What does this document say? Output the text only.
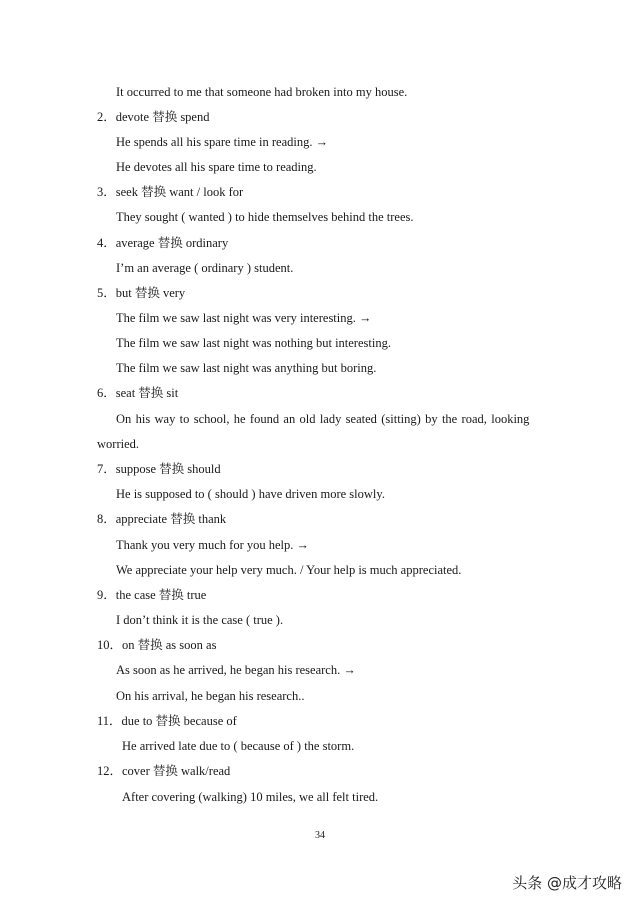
It occurred to me that someone had broken into my house.
2．devote 替换 spend
He spends all his spare time in reading. →
He devotes all his spare time to reading.
3．seek 替换 want / look for
They sought ( wanted ) to hide themselves behind the trees.
4．average 替换 ordinary
I’m an average ( ordinary ) student.
5．but 替换 very
The film we saw last night was very interesting. →
The film we saw last night was nothing but interesting.
The film we saw last night was anything but boring.
6．seat 替换 sit
On his way to school, he found an old lady seated (sitting) by the road, looking
worried.
7．suppose 替换 should
He is supposed to ( should ) have driven more slowly.
8．appreciate 替换 thank
Thank you very much for you help. →
We appreciate your help very much. / Your help is much appreciated.
9．the case 替换 true
I don’t think it is the case ( true ).
10．on 替换 as soon as
As soon as he arrived, he began his research. →
On his arrival, he began his research..
11．due to 替换 because of
He arrived late due to ( because of ) the storm.
12．cover 替换 walk/read
After covering (walking) 10 miles, we all felt tired.
34
头条 @成才攻略
